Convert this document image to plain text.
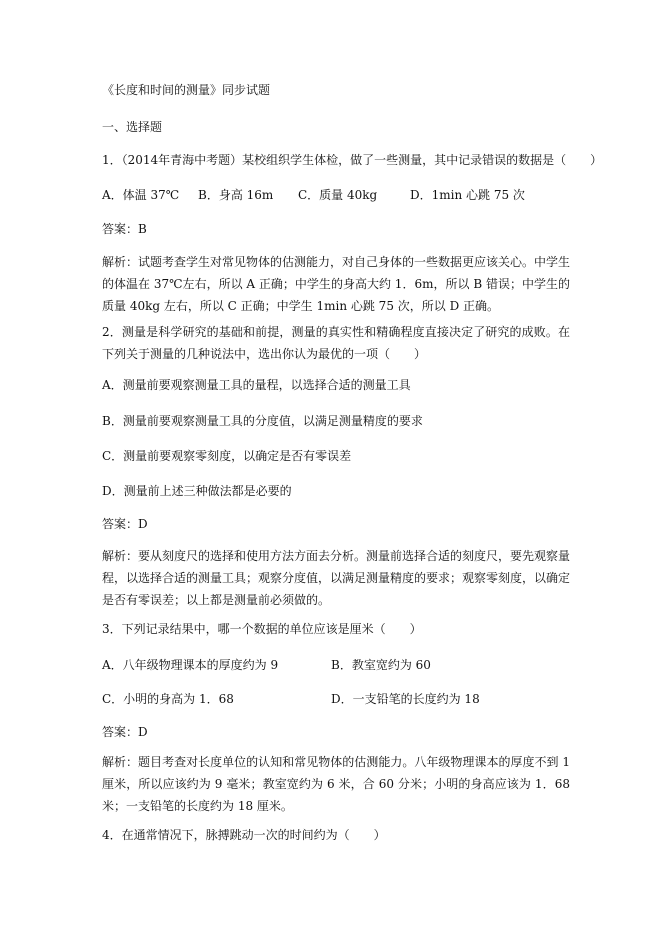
《长度和时间的测量》同步试题
一、选择题
1．（2014年青海中考题）某校组织学生体检，做了一些测量，其中记录错误的数据是（　　）
A．体温 37℃ B．身高 16m C．质量 40kg	D．1min 心跳 75 次
答案：B
解析：试题考查学生对常见物体的估测能力，对自己身体的一些数据更应该关心。中学生的体温在 37℃左右，所以 A 正确；中学生的身高大约 1．6m，所以 B 错误；中学生的质量 40kg 左右，所以 C 正确；中学生 1min 心跳 75 次，所以 D 正确。
2．测量是科学研究的基础和前提，测量的真实性和精确程度直接决定了研究的成败。在下列关于测量的几种说法中，选出你认为最优的一项（　　）
A．测量前要观察测量工具的量程，以选择合适的测量工具
B．测量前要观察测量工具的分度值，以满足测量精度的要求
C．测量前要观察零刻度，以确定是否有零误差
D．测量前上述三种做法都是必要的
答案：D
解析：要从刻度尺的选择和使用方法方面去分析。测量前选择合适的刻度尺，要先观察量程，以选择合适的测量工具；观察分度值，以满足测量精度的要求；观察零刻度，以确定是否有零误差；以上都是测量前必须做的。
3．下列记录结果中，哪一个数据的单位应该是厘米（　　）
A．八年级物理课本的厚度约为 9	B．教室宽约为 60
C．小明的身高为 1．68	D．一支铅笔的长度约为 18
答案：D
解析：题目考查对长度单位的认知和常见物体的估测能力。八年级物理课本的厚度不到 1 厘米，所以应该约为 9 毫米；教室宽约为 6 米，合 60 分米；小明的身高应该为 1．68 米；一支铅笔的长度约为 18 厘米。
4．在通常情况下，脉搏跳动一次的时间约为（　　）
